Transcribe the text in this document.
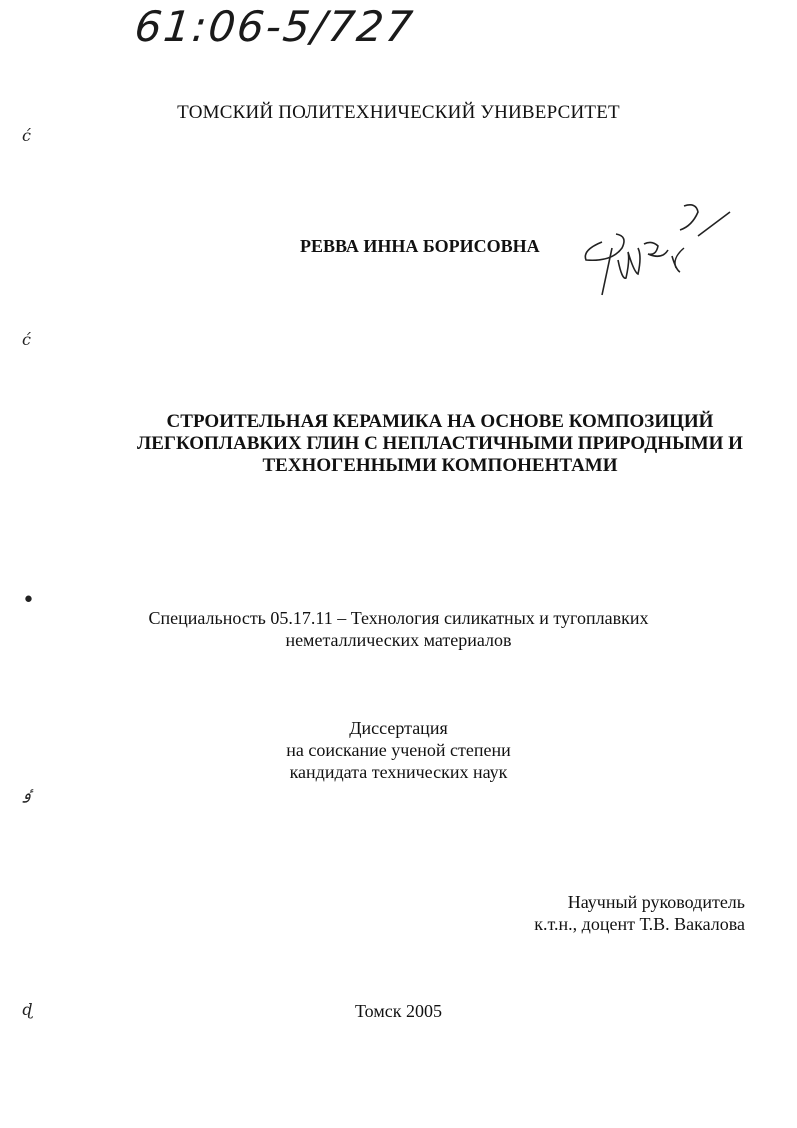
61:06-5/727
ТОМСКИЙ ПОЛИТЕХНИЧЕСКИЙ УНИВЕРСИТЕТ
РЕВВА ИННА БОРИСОВНА
СТРОИТЕЛЬНАЯ КЕРАМИКА НА ОСНОВЕ КОМПОЗИЦИЙ
ЛЕГКОПЛАВКИХ ГЛИН С НЕПЛАСТИЧНЫМИ ПРИРОДНЫМИ И
ТЕХНОГЕННЫМИ КОМПОНЕНТАМИ
Специальность 05.17.11 – Технология силикатных и тугоплавких
неметаллических материалов
Диссертация
на соискание ученой степени
кандидата технических наук
Научный руководитель
к.т.н., доцент Т.В. Вакалова
Томск 2005
ć
ć
•
ٶ
ɖ
